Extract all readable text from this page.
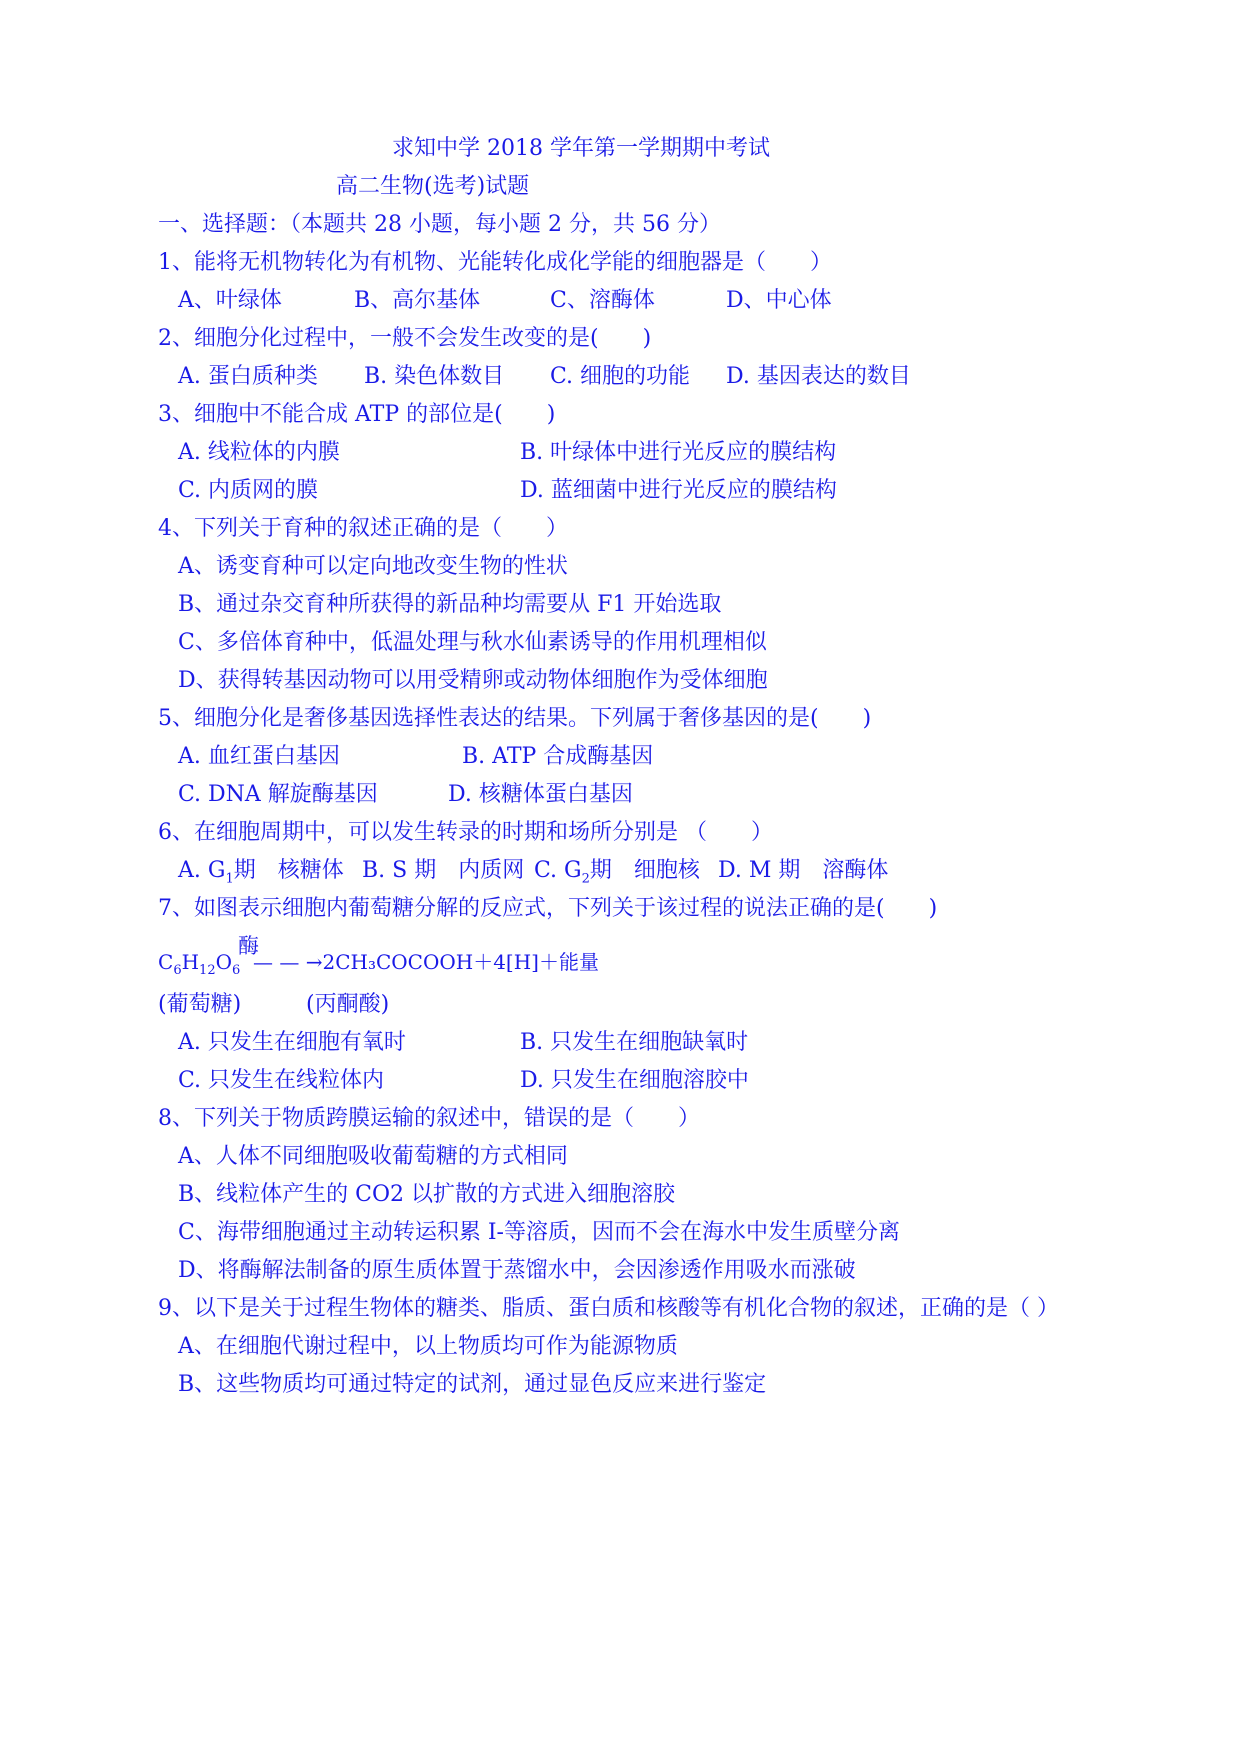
求知中学 2018 学年第一学期期中考试
高二生物(选考)试题
一、选择题：（本题共 28 小题，每小题 2 分，共 56 分）
1、能将无机物转化为有机物、光能转化成化学能的细胞器是（　　）
A、叶绿体	B、高尔基体	C、溶酶体	D、中心体
2、细胞分化过程中，一般不会发生改变的是(　　)
A. 蛋白质种类 B. 染色体数目 C. 细胞的功能 D. 基因表达的数目
3、细胞中不能合成 ATP 的部位是(　　)
A. 线粒体的内膜	B. 叶绿体中进行光反应的膜结构
C. 内质网的膜	D. 蓝细菌中进行光反应的膜结构
4、下列关于育种的叙述正确的是（　　）
A、诱变育种可以定向地改变生物的性状
B、通过杂交育种所获得的新品种均需要从 F1 开始选取
C、多倍体育种中，低温处理与秋水仙素诱导的作用机理相似
D、获得转基因动物可以用受精卵或动物体细胞作为受体细胞
5、细胞分化是奢侈基因选择性表达的结果。下列属于奢侈基因的是(　　)
A. 血红蛋白基因	B. ATP 合成酶基因
C. DNA 解旋酶基因	D. 核糖体蛋白基因
6、在细胞周期中，可以发生转录的时期和场所分别是 （　　）
A. $G_1$期　核糖体 B. S 期　内质网 C. $G_2$期　细胞核 D. M 期　溶酶体
7、如图表示细胞内葡萄糖分解的反应式，下列关于该过程的说法正确的是(　　)
酶
$C_6H_{12}O_6$  — — →2CH₃COCOOH＋4[H]＋能量
(葡萄糖)	(丙酮酸)
A. 只发生在细胞有氧时	B. 只发生在细胞缺氧时
C. 只发生在线粒体内	D. 只发生在细胞溶胶中
8、下列关于物质跨膜运输的叙述中，错误的是（　　）
A、人体不同细胞吸收葡萄糖的方式相同
B、线粒体产生的 CO2 以扩散的方式进入细胞溶胶
C、海带细胞通过主动转运积累 I-等溶质，因而不会在海水中发生质壁分离
D、将酶解法制备的原生质体置于蒸馏水中，会因渗透作用吸水而涨破
9、以下是关于过程生物体的糖类、脂质、蛋白质和核酸等有机化合物的叙述，正确的是（ ）
A、在细胞代谢过程中，以上物质均可作为能源物质
B、这些物质均可通过特定的试剂，通过显色反应来进行鉴定
